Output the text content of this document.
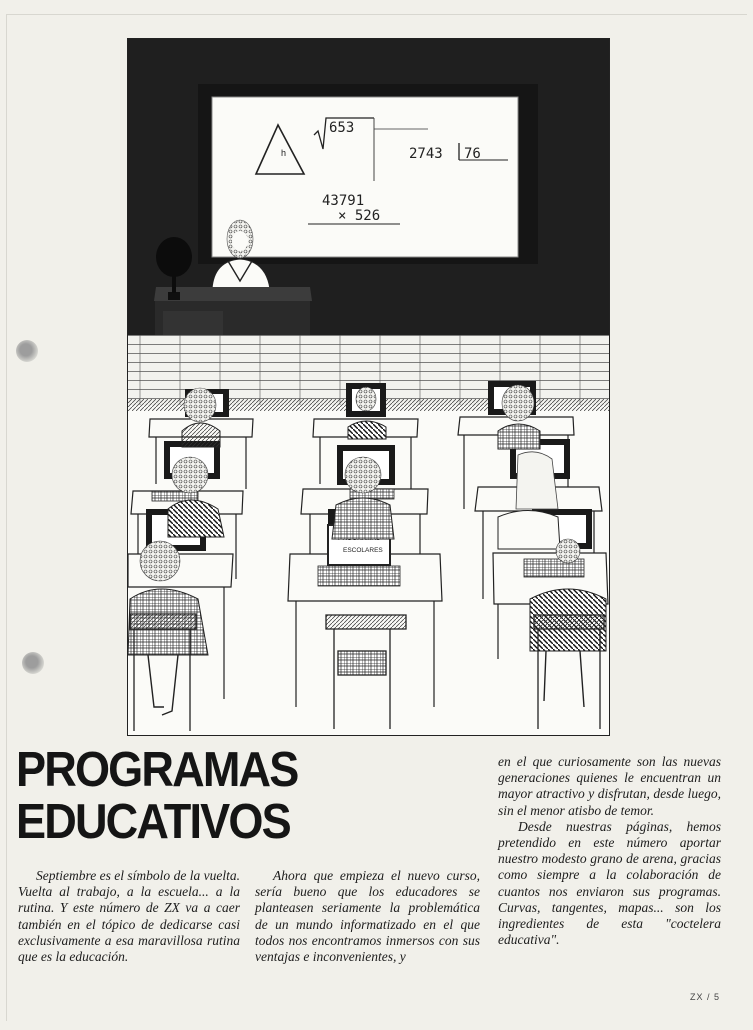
h
653
2743 76
43791
× 526
ESCOLARES
PROGRAMAS
EDUCATIVOS

Septiembre es el símbolo de la vuelta. Vuelta al trabajo, a la escuela... a la rutina. Y este número de ZX va a caer también en el tópico de dedicarse casi exclusivamente a esa maravillosa rutina que es la educación.

Ahora que empieza el nuevo curso, sería bueno que los educadores se planteasen seriamente la problemática de un mundo informatizado en el que todos nos encontramos inmersos con sus ventajas e inconvenientes, y

en el que curiosamente son las nuevas generaciones quienes le encuentran un mayor atractivo y disfrutan, desde luego, sin el menor atisbo de temor.

Desde nuestras páginas, hemos pretendido en este número aportar nuestro modesto grano de arena, gracias como siempre a la colaboración de cuantos nos enviaron sus programas. Curvas, tangentes, mapas... son los ingredientes de esta "coctelera educativa".

ZX / 5
